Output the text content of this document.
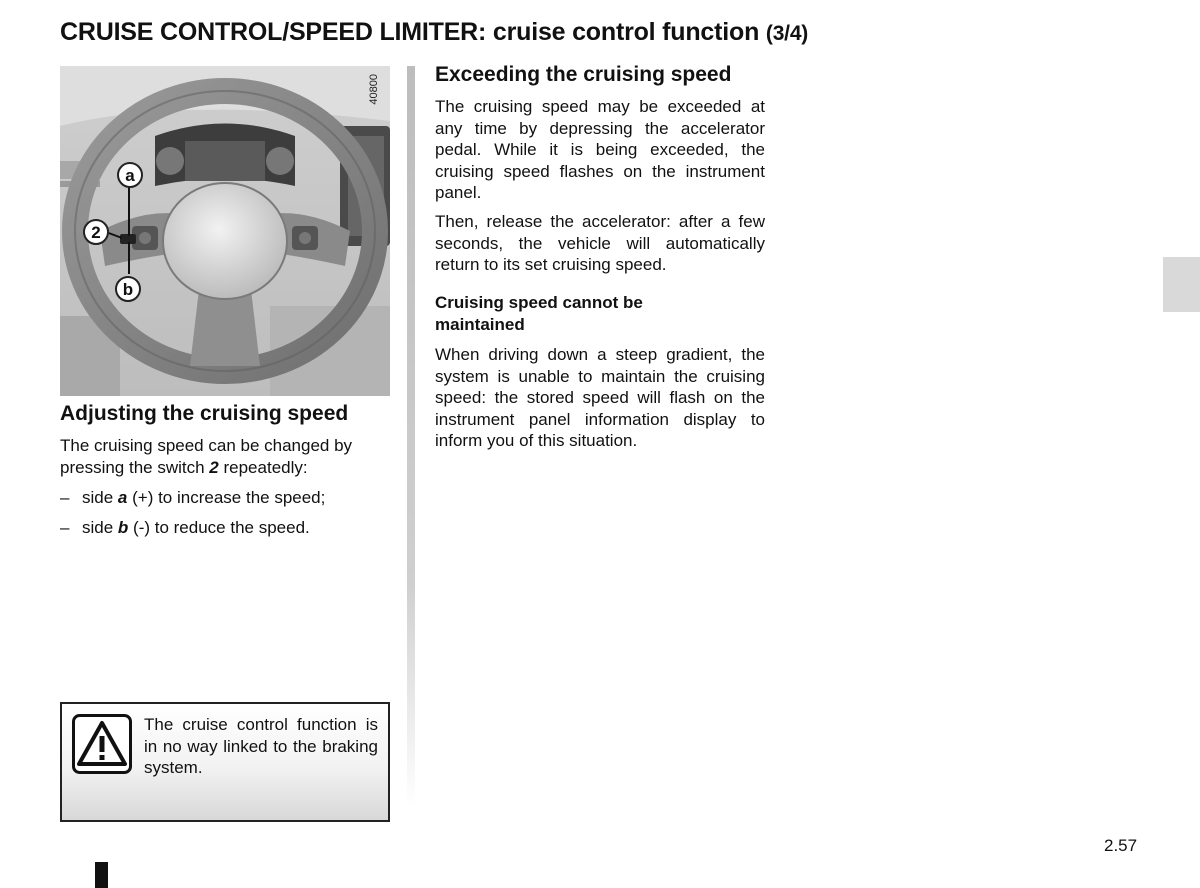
CRUISE CONTROL/SPEED LIMITER: cruise control function (3/4)
40800
a
2
b
Adjusting the cruising speed
The cruising speed can be changed by pressing the switch 2 repeatedly:
– side a (+) to increase the speed;
– side b (-) to reduce the speed.
The cruise control function is in no way linked to the braking system.
Exceeding the cruising speed
The cruising speed may be exceeded at any time by depressing the accelerator pedal. While it is being exceeded, the cruising speed flashes on the instrument panel.
Then, release the accelerator: after a few seconds, the vehicle will automatically return to its set cruising speed.
Cruising speed cannot be maintained
When driving down a steep gradient, the system is unable to maintain the cruising speed: the stored speed will flash on the instrument panel information display to inform you of this situation.
2.57
